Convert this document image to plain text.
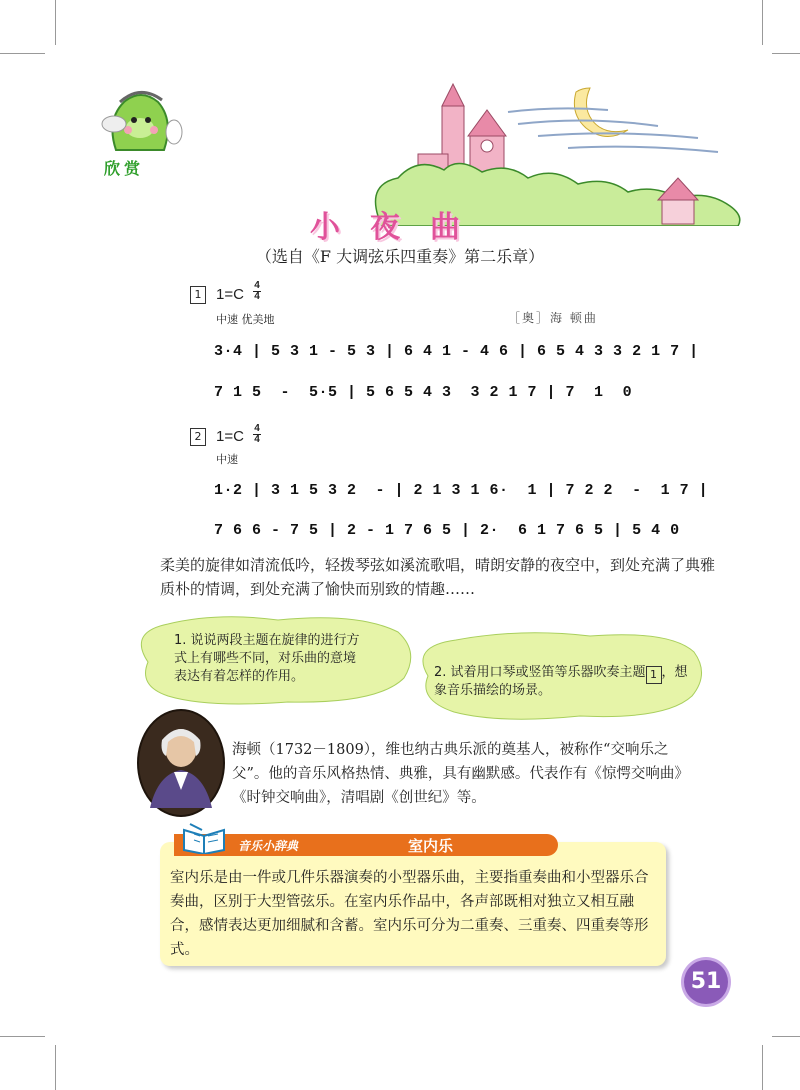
欣赏
小夜曲
（选自《F 大调弦乐四重奏》第二乐章）
1 1=C
4
4
中速 优美地	［奥］海 顿曲
3·4 | 5 3 1 - 5 3 | 6 4 1 - 4 6 | 6 5 4 3 3 2 1 7 |
7 1 5  -  5·5 | 5 6 5 4 3  3 2 1 7 | 7  1  0
2 1=C 4
4
中速
1·2 | 3 1 5 3 2  - | 2 1 3 1 6·  1 | 7 2 2  -  1 7 |
7 6 6 - 7 5 | 2 - 1 7 6 5 | 2·  6 1 7 6 5 | 5 4 0
柔美的旋律如清流低吟，轻拨琴弦如溪流歌唱，晴朗安静的夜空中，到处充满了典雅质朴的情调，到处充满了愉快而别致的情趣……
1. 说说两段主题在旋律的进行方式上有哪些不同，对乐曲的意境表达有着怎样的作用。	2. 试着用口琴或竖笛等乐器吹奏主题 1 ，想象音乐描绘的场景。
海顿（1732－1809），维也纳古典乐派的奠基人，被称作“交响乐之父”。他的音乐风格热情、典雅，具有幽默感。代表作有《惊愕交响曲》《时钟交响曲》，清唱剧《创世纪》等。
音乐小辞典	室内乐
室内乐是由一件或几件乐器演奏的小型器乐曲，主要指重奏曲和小型器乐合奏曲，区别于大型管弦乐。在室内乐作品中，各声部既相对独立又相互融合，感情表达更加细腻和含蓄。室内乐可分为二重奏、三重奏、四重奏等形式。
51
